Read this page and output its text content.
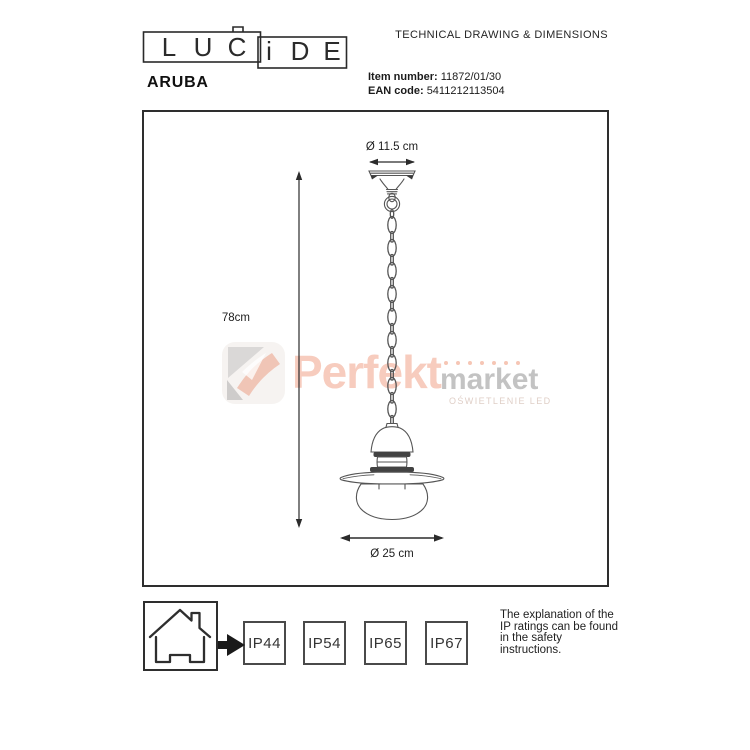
L U C i D E
TECHNICAL DRAWING & DIMENSIONS
ARUBA	Item number: 11872/01/30
EAN code: 5411212113504
Perfekt market
OŚWIETLENIE LED
Ø 11.5 cm
78cm
Ø 25 cm
IP44 IP54 IP65 IP67
The explanation of the
IP ratings can be found
in the safety
instructions.
